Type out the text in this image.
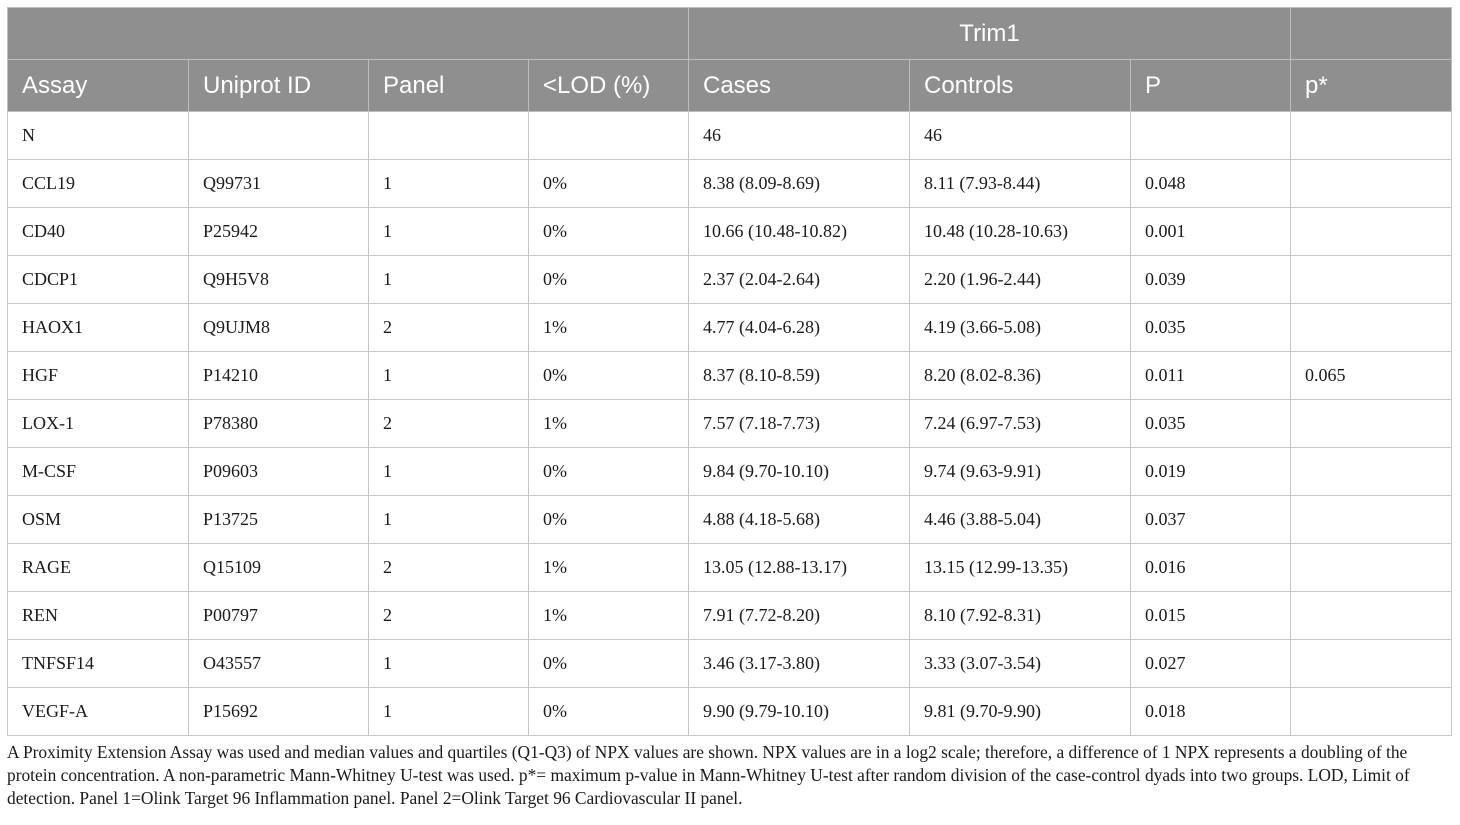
				Trim1			
Assay	Uniprot ID	Panel	<LOD (%)	Cases	Controls	P	p*
N				46	46		
CCL19	Q99731	1	0%	8.38 (8.09-8.69)	8.11 (7.93-8.44)	0.048	
CD40	P25942	1	0%	10.66 (10.48-10.82)	10.48 (10.28-10.63)	0.001	
CDCP1	Q9H5V8	1	0%	2.37 (2.04-2.64)	2.20 (1.96-2.44)	0.039	
HAOX1	Q9UJM8	2	1%	4.77 (4.04-6.28)	4.19 (3.66-5.08)	0.035	
HGF	P14210	1	0%	8.37 (8.10-8.59)	8.20 (8.02-8.36)	0.011	0.065
LOX-1	P78380	2	1%	7.57 (7.18-7.73)	7.24 (6.97-7.53)	0.035	
M-CSF	P09603	1	0%	9.84 (9.70-10.10)	9.74 (9.63-9.91)	0.019	
OSM	P13725	1	0%	4.88 (4.18-5.68)	4.46 (3.88-5.04)	0.037	
RAGE	Q15109	2	1%	13.05 (12.88-13.17)	13.15 (12.99-13.35)	0.016	
REN	P00797	2	1%	7.91 (7.72-8.20)	8.10 (7.92-8.31)	0.015	
TNFSF14	O43557	1	0%	3.46 (3.17-3.80)	3.33 (3.07-3.54)	0.027	
VEGF-A	P15692	1	0%	9.90 (9.79-10.10)	9.81 (9.70-9.90)	0.018	

A Proximity Extension Assay was used and median values and quartiles (Q1-Q3) of NPX values are shown. NPX values are in a log2 scale; therefore, a difference of 1 NPX represents a doubling of the protein concentration. A non-parametric Mann-Whitney U-test was used. p*= maximum p-value in Mann-Whitney U-test after random division of the case-control dyads into two groups. LOD, Limit of detection. Panel 1=Olink Target 96 Inflammation panel. Panel 2=Olink Target 96 Cardiovascular II panel.
